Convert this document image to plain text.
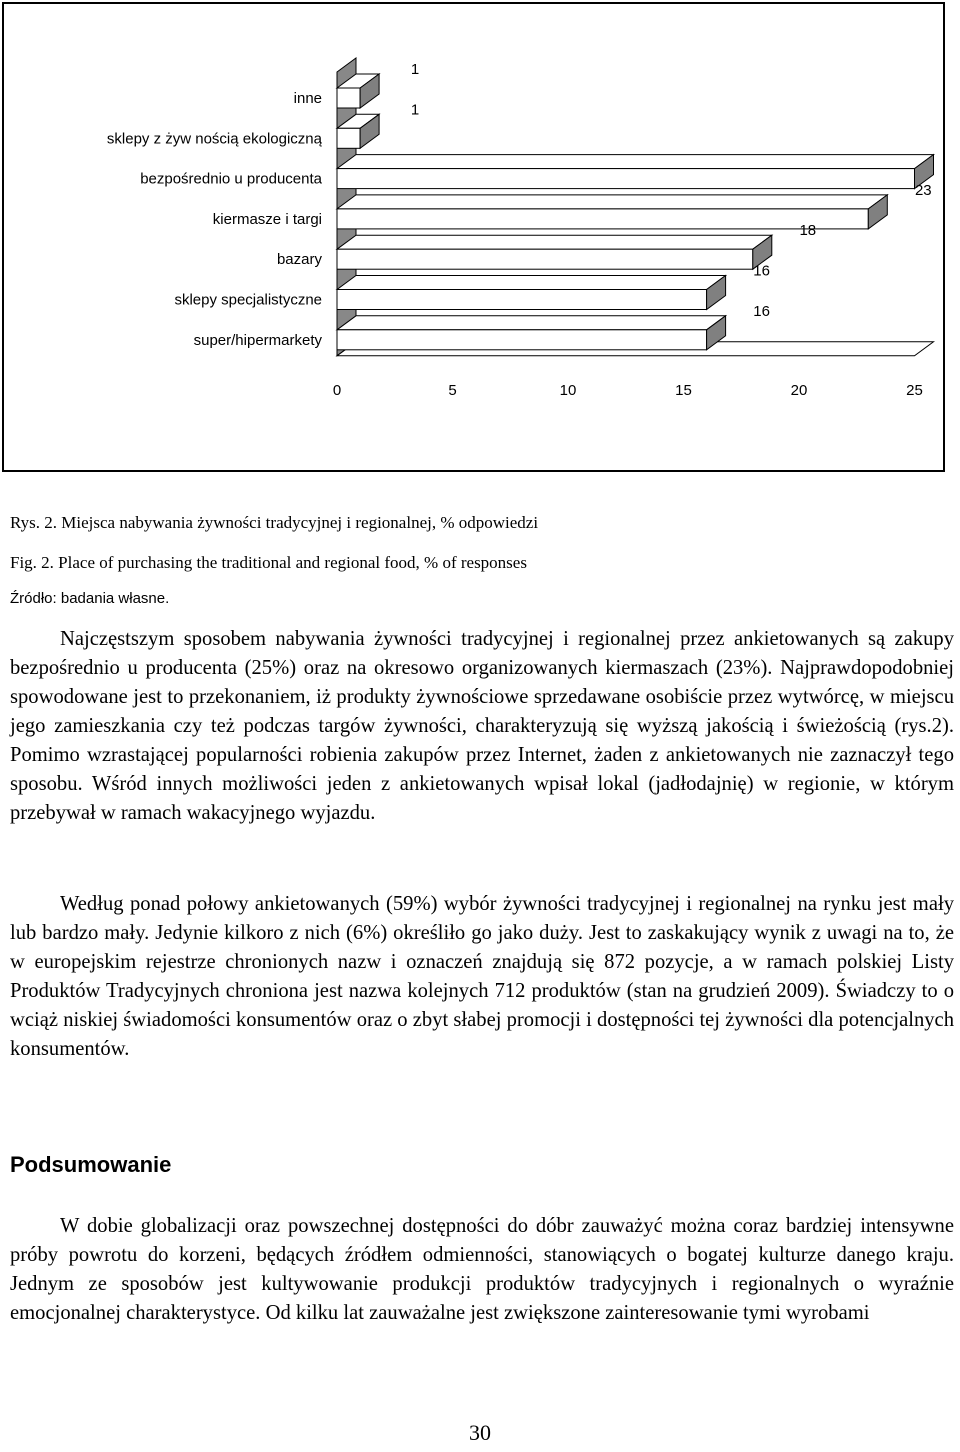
inne
1
sklepy z żyw nością ekologiczną
1
bezpośrednio u producenta
kiermasze i targi
23
bazary
18
sklepy specjalistyczne
16
super/hipermarkety
16
0	5	10	15	20	25
Rys. 2. Miejsca nabywania żywności tradycyjnej i regionalnej, % odpowiedzi
Fig. 2. Place of purchasing the traditional and regional food, % of responses
Źródło: badania własne.

Najczęstszym sposobem nabywania żywności tradycyjnej i regionalnej przez ankietowanych są zakupy bezpośrednio u producenta (25%) oraz na okresowo organizowanych kiermaszach (23%). Najprawdopodobniej spowodowane jest to przekonaniem, iż produkty żywnościowe sprzedawane osobiście przez wytwórcę, w miejscu jego zamieszkania czy też podczas targów żywności, charakteryzują się wyższą jakością i świeżością (rys.2). Pomimo wzrastającej popularności robienia zakupów przez Internet, żaden z ankietowanych nie zaznaczył tego sposobu. Wśród innych możliwości jeden z ankietowanych wpisał lokal (jadłodajnię) w regionie, w którym przebywał w ramach wakacyjnego wyjazdu.

Według ponad połowy ankietowanych (59%) wybór żywności tradycyjnej i regionalnej na rynku jest mały lub bardzo mały. Jedynie kilkoro z nich (6%) określiło go jako duży. Jest to zaskakujący wynik z uwagi na to, że w europejskim rejestrze chronionych nazw i oznaczeń znajdują się 872 pozycje, a w ramach polskiej Listy Produktów Tradycyjnych chroniona jest nazwa kolejnych 712 produktów (stan na grudzień 2009). Świadczy to o wciąż niskiej świadomości konsumentów oraz o zbyt słabej promocji i dostępności tej żywności dla potencjalnych konsumentów.

Podsumowanie

W dobie globalizacji oraz powszechnej dostępności do dóbr zauważyć można coraz bardziej intensywne próby powrotu do korzeni, będących źródłem odmienności, stanowiących o bogatej kulturze danego kraju. Jednym ze sposobów jest kultywowanie produkcji produktów tradycyjnych i regionalnych o wyraźnie emocjonalnej charakterystyce. Od kilku lat zauważalne jest zwiększone zainteresowanie tymi wyrobami

30
